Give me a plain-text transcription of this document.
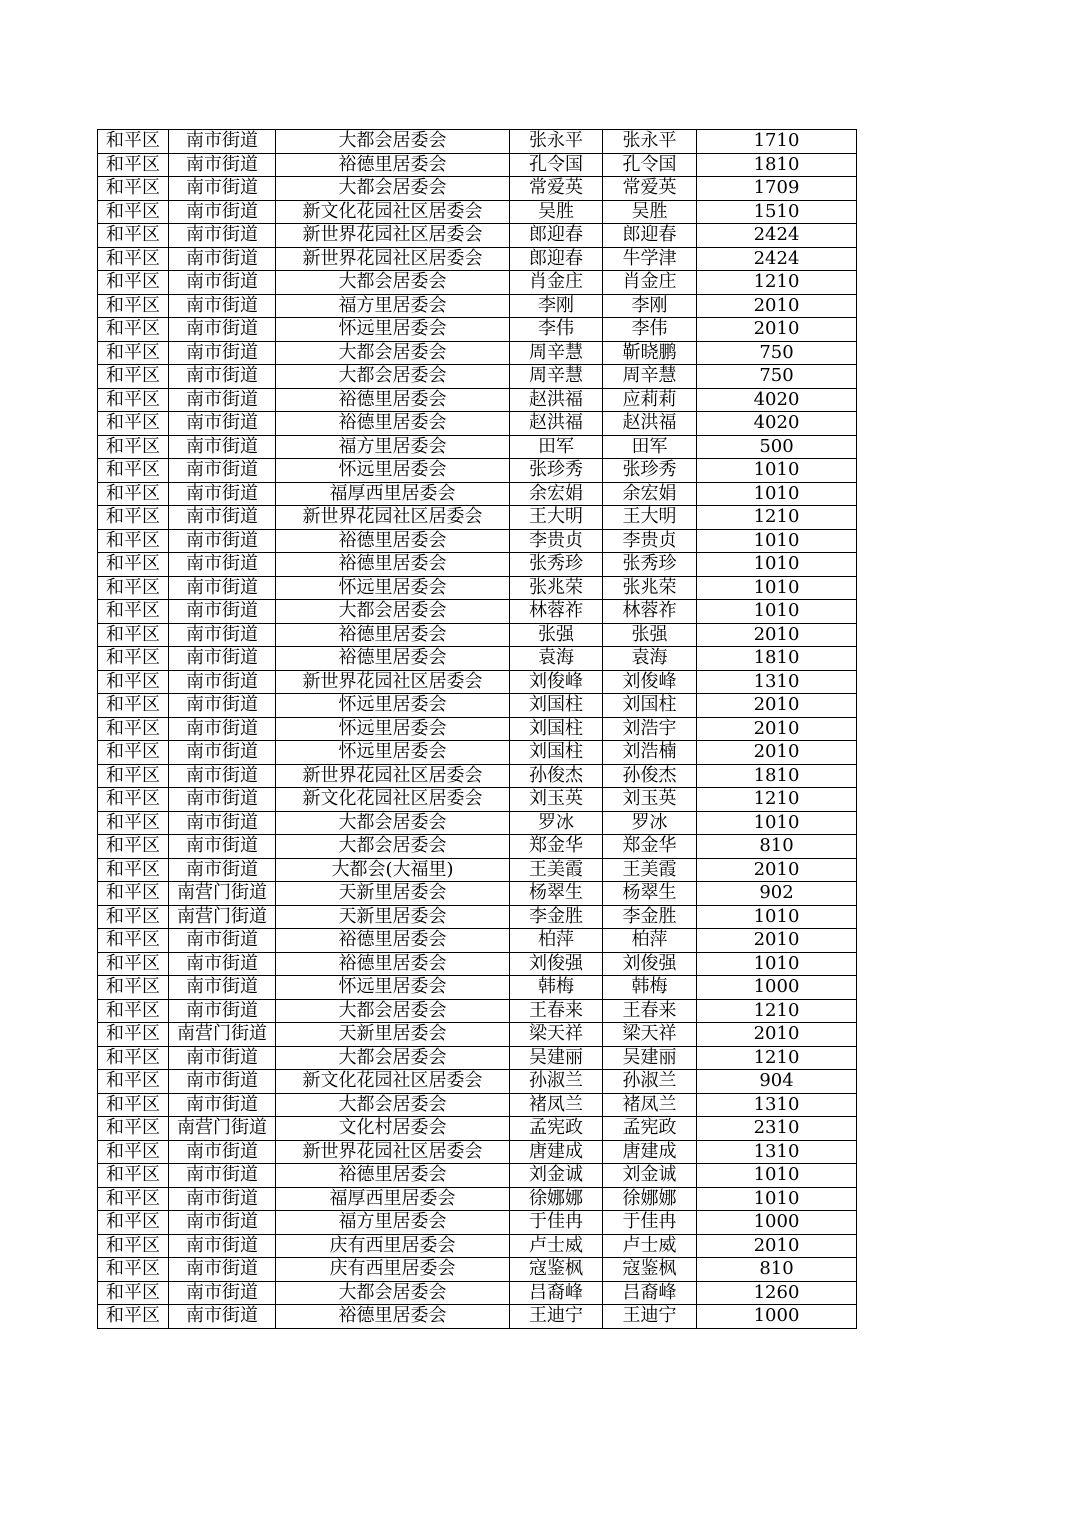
和平区	南市街道	大都会居委会	张永平	张永平	1710
和平区	南市街道	裕德里居委会	孔令国	孔令国	1810
和平区	南市街道	大都会居委会	常爱英	常爱英	1709
和平区	南市街道	新文化花园社区居委会	吴胜	吴胜	1510
和平区	南市街道	新世界花园社区居委会	郎迎春	郎迎春	2424
和平区	南市街道	新世界花园社区居委会	郎迎春	牛学津	2424
和平区	南市街道	大都会居委会	肖金庄	肖金庄	1210
和平区	南市街道	福方里居委会	李刚	李刚	2010
和平区	南市街道	怀远里居委会	李伟	李伟	2010
和平区	南市街道	大都会居委会	周辛慧	靳晓鹏	750
和平区	南市街道	大都会居委会	周辛慧	周辛慧	750
和平区	南市街道	裕德里居委会	赵洪福	应莉莉	4020
和平区	南市街道	裕德里居委会	赵洪福	赵洪福	4020
和平区	南市街道	福方里居委会	田军	田军	500
和平区	南市街道	怀远里居委会	张珍秀	张珍秀	1010
和平区	南市街道	福厚西里居委会	余宏娟	余宏娟	1010
和平区	南市街道	新世界花园社区居委会	王大明	王大明	1210
和平区	南市街道	裕德里居委会	李贵贞	李贵贞	1010
和平区	南市街道	裕德里居委会	张秀珍	张秀珍	1010
和平区	南市街道	怀远里居委会	张兆荣	张兆荣	1010
和平区	南市街道	大都会居委会	林蓉祚	林蓉祚	1010
和平区	南市街道	裕德里居委会	张强	张强	2010
和平区	南市街道	裕德里居委会	袁海	袁海	1810
和平区	南市街道	新世界花园社区居委会	刘俊峰	刘俊峰	1310
和平区	南市街道	怀远里居委会	刘国柱	刘国柱	2010
和平区	南市街道	怀远里居委会	刘国柱	刘浩宇	2010
和平区	南市街道	怀远里居委会	刘国柱	刘浩楠	2010
和平区	南市街道	新世界花园社区居委会	孙俊杰	孙俊杰	1810
和平区	南市街道	新文化花园社区居委会	刘玉英	刘玉英	1210
和平区	南市街道	大都会居委会	罗冰	罗冰	1010
和平区	南市街道	大都会居委会	郑金华	郑金华	810
和平区	南市街道	大都会(大福里)	王美霞	王美霞	2010
和平区	南营门街道	天新里居委会	杨翠生	杨翠生	902
和平区	南营门街道	天新里居委会	李金胜	李金胜	1010
和平区	南市街道	裕德里居委会	柏萍	柏萍	2010
和平区	南市街道	裕德里居委会	刘俊强	刘俊强	1010
和平区	南市街道	怀远里居委会	韩梅	韩梅	1000
和平区	南市街道	大都会居委会	王春来	王春来	1210
和平区	南营门街道	天新里居委会	梁天祥	梁天祥	2010
和平区	南市街道	大都会居委会	吴建丽	吴建丽	1210
和平区	南市街道	新文化花园社区居委会	孙淑兰	孙淑兰	904
和平区	南市街道	大都会居委会	褚凤兰	褚凤兰	1310
和平区	南营门街道	文化村居委会	孟宪政	孟宪政	2310
和平区	南市街道	新世界花园社区居委会	唐建成	唐建成	1310
和平区	南市街道	裕德里居委会	刘金诚	刘金诚	1010
和平区	南市街道	福厚西里居委会	徐娜娜	徐娜娜	1010
和平区	南市街道	福方里居委会	于佳冉	于佳冉	1000
和平区	南市街道	庆有西里居委会	卢士威	卢士威	2010
和平区	南市街道	庆有西里居委会	寇鉴枫	寇鉴枫	810
和平区	南市街道	大都会居委会	吕裔峰	吕裔峰	1260
和平区	南市街道	裕德里居委会	王迪宁	王迪宁	1000
